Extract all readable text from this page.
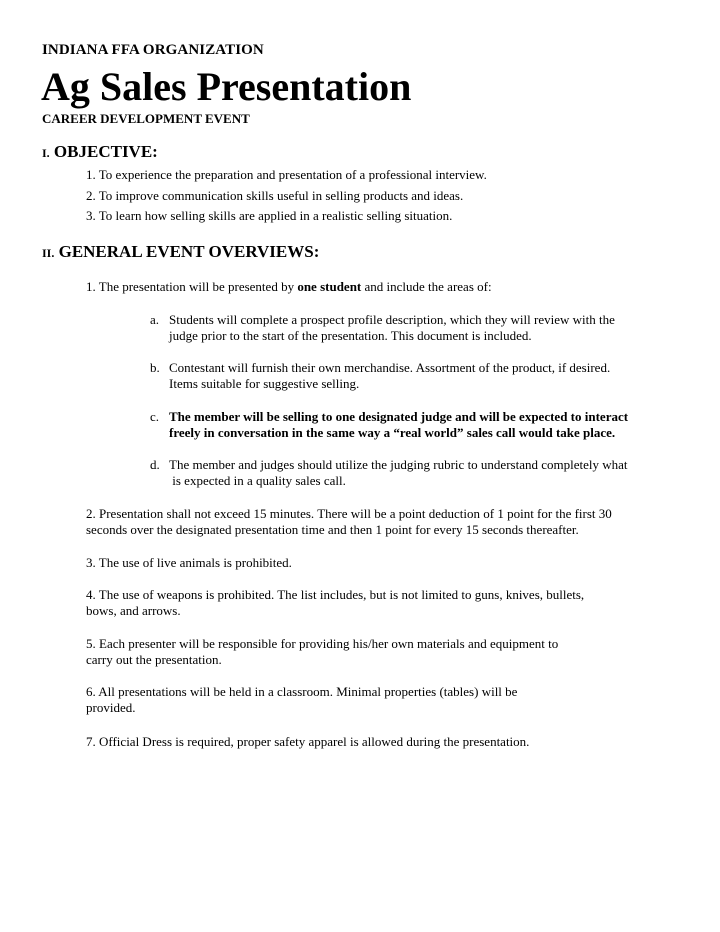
INDIANA FFA ORGANIZATION
Ag Sales Presentation
CAREER DEVELOPMENT EVENT
I. OBJECTIVE:
1. To experience the preparation and presentation of a professional interview.
2. To improve communication skills useful in selling products and ideas.
3. To learn how selling skills are applied in a realistic selling situation.
II. GENERAL EVENT OVERVIEWS:
1. The presentation will be presented by one student and include the areas of:
a. Students will complete a prospect profile description, which they will review with the
judge prior to the start of the presentation. This document is included.
b. Contestant will furnish their own merchandise. Assortment of the product, if desired.
Items suitable for suggestive selling.
c. The member will be selling to one designated judge and will be expected to interact
freely in conversation in the same way a “real world” sales call would take place.
d. The member and judges should utilize the judging rubric to understand completely what
is expected in a quality sales call.
2. Presentation shall not exceed 15 minutes. There will be a point deduction of 1 point for the first 30
seconds over the designated presentation time and then 1 point for every 15 seconds thereafter.
3. The use of live animals is prohibited.
4. The use of weapons is prohibited. The list includes, but is not limited to guns, knives, bullets,
bows, and arrows.
5. Each presenter will be responsible for providing his/her own materials and equipment to
carry out the presentation.
6. All presentations will be held in a classroom. Minimal properties (tables) will be
provided.
7. Official Dress is required, proper safety apparel is allowed during the presentation.
